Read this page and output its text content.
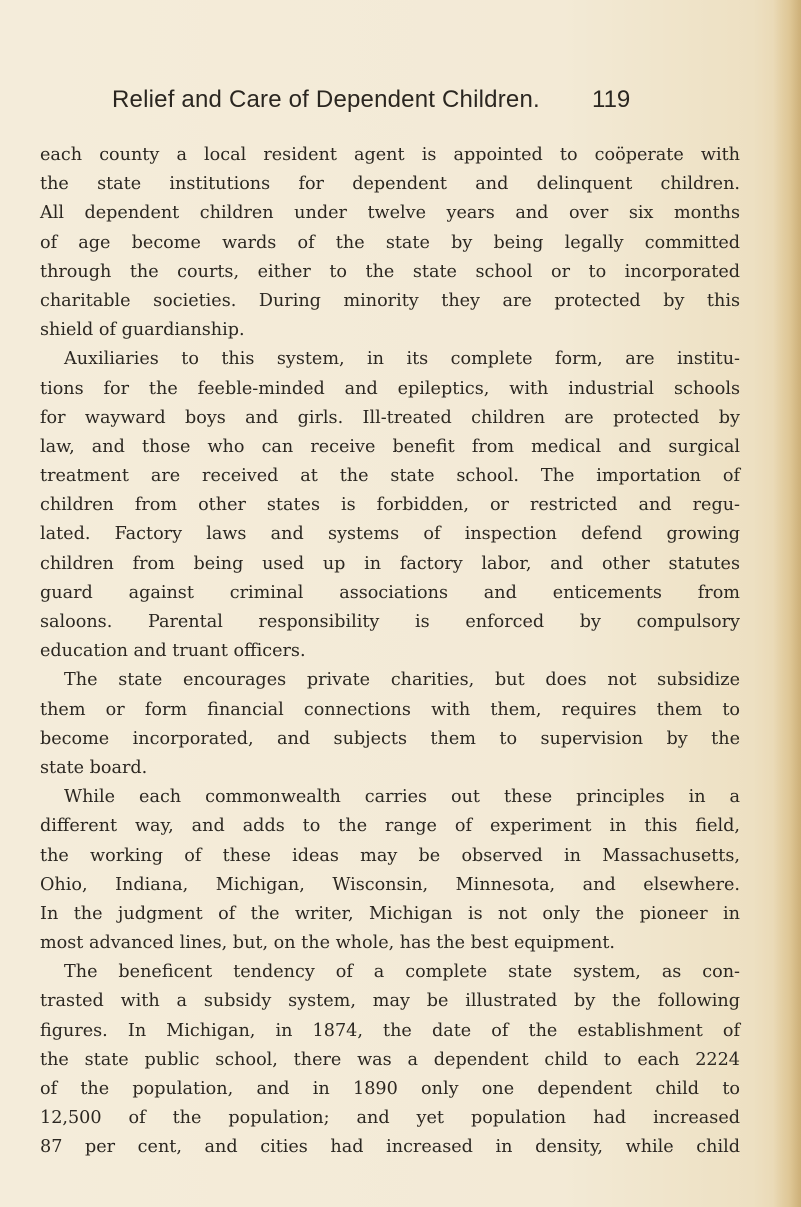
Relief and Care of Dependent Children. 119
each county a local resident agent is appointed to coöperate with
the state institutions for dependent and delinquent children.
All dependent children under twelve years and over six months
of age become wards of the state by being legally committed
through the courts, either to the state school or to incorporated
charitable societies. During minority they are protected by this
shield of guardianship.
Auxiliaries to this system, in its complete form, are institu-
tions for the feeble-minded and epileptics, with industrial schools
for wayward boys and girls. Ill-treated children are protected by
law, and those who can receive benefit from medical and surgical
treatment are received at the state school. The importation of
children from other states is forbidden, or restricted and regu-
lated. Factory laws and systems of inspection defend growing
children from being used up in factory labor, and other statutes
guard against criminal associations and enticements from
saloons. Parental responsibility is enforced by compulsory
education and truant officers.
The state encourages private charities, but does not subsidize
them or form financial connections with them, requires them to
become incorporated, and subjects them to supervision by the
state board.
While each commonwealth carries out these principles in a
different way, and adds to the range of experiment in this field,
the working of these ideas may be observed in Massachusetts,
Ohio, Indiana, Michigan, Wisconsin, Minnesota, and elsewhere.
In the judgment of the writer, Michigan is not only the pioneer in
most advanced lines, but, on the whole, has the best equipment.
The beneficent tendency of a complete state system, as con-
trasted with a subsidy system, may be illustrated by the following
figures. In Michigan, in 1874, the date of the establishment of
the state public school, there was a dependent child to each 2224
of the population, and in 1890 only one dependent child to
12,500 of the population; and yet population had increased
87 per cent, and cities had increased in density, while child
